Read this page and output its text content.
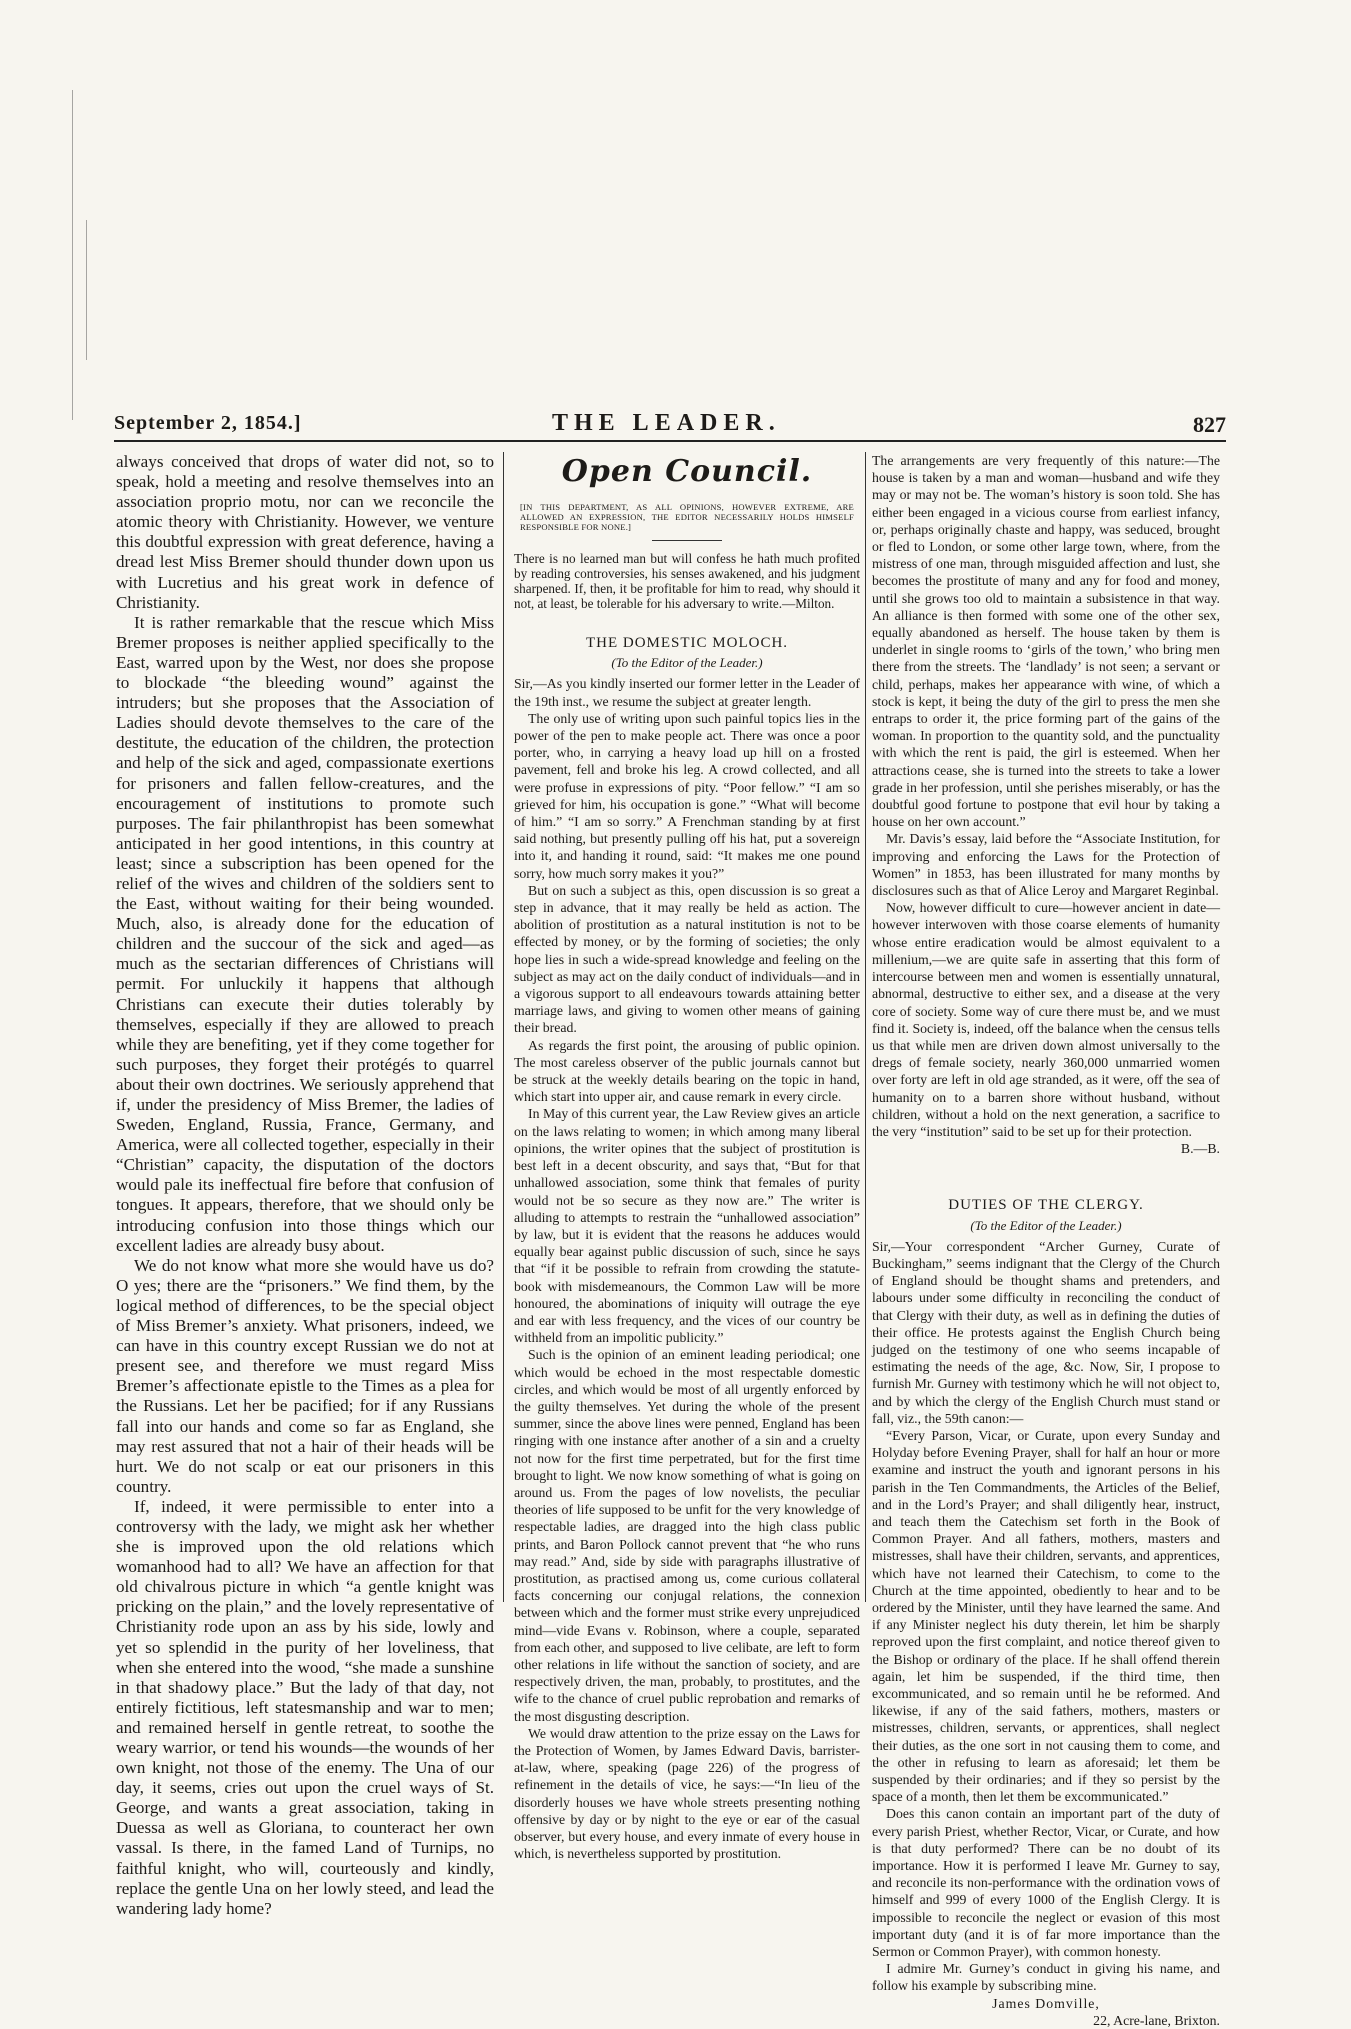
September 2, 1854.]	THE LEADER.	827

always conceived that drops of water did not, so to speak, hold a meeting and resolve themselves into an association proprio motu, nor can we reconcile the atomic theory with Christianity. However, we venture this doubtful expression with great deference, having a dread lest Miss Bremer should thunder down upon us with Lucretius and his great work in defence of Christianity.

It is rather remarkable that the rescue which Miss Bremer proposes is neither applied specifically to the East, warred upon by the West, nor does she propose to blockade “the bleeding wound” against the intruders; but she proposes that the Association of Ladies should devote themselves to the care of the destitute, the education of the children, the protection and help of the sick and aged, compassionate exertions for prisoners and fallen fellow-creatures, and the encouragement of institutions to promote such purposes. The fair philanthropist has been somewhat anticipated in her good intentions, in this country at least; since a subscription has been opened for the relief of the wives and children of the soldiers sent to the East, without waiting for their being wounded. Much, also, is already done for the education of children and the succour of the sick and aged—as much as the sectarian differences of Christians will permit. For unluckily it happens that although Christians can execute their duties tolerably by themselves, especially if they are allowed to preach while they are benefiting, yet if they come together for such purposes, they forget their protégés to quarrel about their own doctrines. We seriously apprehend that if, under the presidency of Miss Bremer, the ladies of Sweden, England, Russia, France, Germany, and America, were all collected together, especially in their “Christian” capacity, the disputation of the doctors would pale its ineffectual fire before that confusion of tongues. It appears, therefore, that we should only be introducing confusion into those things which our excellent ladies are already busy about.

We do not know what more she would have us do? O yes; there are the “prisoners.” We find them, by the logical method of differences, to be the special object of Miss Bremer’s anxiety. What prisoners, indeed, we can have in this country except Russian we do not at present see, and therefore we must regard Miss Bremer’s affectionate epistle to the Times as a plea for the Russians. Let her be pacified; for if any Russians fall into our hands and come so far as England, she may rest assured that not a hair of their heads will be hurt. We do not scalp or eat our prisoners in this country.

If, indeed, it were permissible to enter into a controversy with the lady, we might ask her whether she is improved upon the old relations which womanhood had to all? We have an affection for that old chivalrous picture in which “a gentle knight was pricking on the plain,” and the lovely representative of Christianity rode upon an ass by his side, lowly and yet so splendid in the purity of her loveliness, that when she entered into the wood, “she made a sunshine in that shadowy place.” But the lady of that day, not entirely fictitious, left statesmanship and war to men; and remained herself in gentle retreat, to soothe the weary warrior, or tend his wounds—the wounds of her own knight, not those of the enemy. The Una of our day, it seems, cries out upon the cruel ways of St. George, and wants a great association, taking in Duessa as well as Gloriana, to counteract her own vassal. Is there, in the famed Land of Turnips, no faithful knight, who will, courteously and kindly, replace the gentle Una on her lowly steed, and lead the wandering lady home?

Open Council.
[IN THIS DEPARTMENT, AS ALL OPINIONS, HOWEVER EXTREME, ARE ALLOWED AN EXPRESSION, THE EDITOR NECESSARILY HOLDS HIMSELF RESPONSIBLE FOR NONE.]
There is no learned man but will confess he hath much profited by reading controversies, his senses awakened, and his judgment sharpened. If, then, it be profitable for him to read, why should it not, at least, be tolerable for his adversary to write.—Milton.
THE DOMESTIC MOLOCH.
(To the Editor of the Leader.)

Sir,—As you kindly inserted our former letter in the Leader of the 19th inst., we resume the subject at greater length.

The only use of writing upon such painful topics lies in the power of the pen to make people act. There was once a poor porter, who, in carrying a heavy load up hill on a frosted pavement, fell and broke his leg. A crowd collected, and all were profuse in expressions of pity. “Poor fellow.” “I am so grieved for him, his occupation is gone.” “What will become of him.” “I am so sorry.” A Frenchman standing by at first said nothing, but presently pulling off his hat, put a sovereign into it, and handing it round, said: “It makes me one pound sorry, how much sorry makes it you?”

But on such a subject as this, open discussion is so great a step in advance, that it may really be held as action. The abolition of prostitution as a natural institution is not to be effected by money, or by the forming of societies; the only hope lies in such a wide-spread knowledge and feeling on the subject as may act on the daily conduct of individuals—and in a vigorous support to all endeavours towards attaining better marriage laws, and giving to women other means of gaining their bread.

As regards the first point, the arousing of public opinion. The most careless observer of the public journals cannot but be struck at the weekly details bearing on the topic in hand, which start into upper air, and cause remark in every circle.

In May of this current year, the Law Review gives an article on the laws relating to women; in which among many liberal opinions, the writer opines that the subject of prostitution is best left in a decent obscurity, and says that, “But for that unhallowed association, some think that females of purity would not be so secure as they now are.” The writer is alluding to attempts to restrain the “unhallowed association” by law, but it is evident that the reasons he adduces would equally bear against public discussion of such, since he says that “if it be possible to refrain from crowding the statute-book with misdemeanours, the Common Law will be more honoured, the abominations of iniquity will outrage the eye and ear with less frequency, and the vices of our country be withheld from an impolitic publicity.”

Such is the opinion of an eminent leading periodical; one which would be echoed in the most respectable domestic circles, and which would be most of all urgently enforced by the guilty themselves. Yet during the whole of the present summer, since the above lines were penned, England has been ringing with one instance after another of a sin and a cruelty not now for the first time perpetrated, but for the first time brought to light. We now know something of what is going on around us. From the pages of low novelists, the peculiar theories of life supposed to be unfit for the very knowledge of respectable ladies, are dragged into the high class public prints, and Baron Pollock cannot prevent that “he who runs may read.” And, side by side with paragraphs illustrative of prostitution, as practised among us, come curious collateral facts concerning our conjugal relations, the connexion between which and the former must strike every unprejudiced mind—vide Evans v. Robinson, where a couple, separated from each other, and supposed to live celibate, are left to form other relations in life without the sanction of society, and are respectively driven, the man, probably, to prostitutes, and the wife to the chance of cruel public reprobation and remarks of the most disgusting description.

We would draw attention to the prize essay on the Laws for the Protection of Women, by James Edward Davis, barrister-at-law, where, speaking (page 226) of the progress of refinement in the details of vice, he says:—“In lieu of the disorderly houses we have whole streets presenting nothing offensive by day or by night to the eye or ear of the casual observer, but every house, and every inmate of every house in which, is nevertheless supported by prostitution.

The arrangements are very frequently of this nature:—The house is taken by a man and woman—husband and wife they may or may not be. The woman’s history is soon told. She has either been engaged in a vicious course from earliest infancy, or, perhaps originally chaste and happy, was seduced, brought or fled to London, or some other large town, where, from the mistress of one man, through misguided affection and lust, she becomes the prostitute of many and any for food and money, until she grows too old to maintain a subsistence in that way. An alliance is then formed with some one of the other sex, equally abandoned as herself. The house taken by them is underlet in single rooms to ‘girls of the town,’ who bring men there from the streets. The ‘landlady’ is not seen; a servant or child, perhaps, makes her appearance with wine, of which a stock is kept, it being the duty of the girl to press the men she entraps to order it, the price forming part of the gains of the woman. In proportion to the quantity sold, and the punctuality with which the rent is paid, the girl is esteemed. When her attractions cease, she is turned into the streets to take a lower grade in her profession, until she perishes miserably, or has the doubtful good fortune to postpone that evil hour by taking a house on her own account.”

Mr. Davis’s essay, laid before the “Associate Institution, for improving and enforcing the Laws for the Protection of Women” in 1853, has been illustrated for many months by disclosures such as that of Alice Leroy and Margaret Reginbal.

Now, however difficult to cure—however ancient in date—however interwoven with those coarse elements of humanity whose entire eradication would be almost equivalent to a millenium,—we are quite safe in asserting that this form of intercourse between men and women is essentially unnatural, abnormal, destructive to either sex, and a disease at the very core of society. Some way of cure there must be, and we must find it. Society is, indeed, off the balance when the census tells us that while men are driven down almost universally to the dregs of female society, nearly 360,000 unmarried women over forty are left in old age stranded, as it were, off the sea of humanity on to a barren shore without husband, without children, without a hold on the next generation, a sacrifice to the very “institution” said to be set up for their protection.

B.—B.
DUTIES OF THE CLERGY.
(To the Editor of the Leader.)

Sir,—Your correspondent “Archer Gurney, Curate of Buckingham,” seems indignant that the Clergy of the Church of England should be thought shams and pretenders, and labours under some difficulty in reconciling the conduct of that Clergy with their duty, as well as in defining the duties of their office. He protests against the English Church being judged on the testimony of one who seems incapable of estimating the needs of the age, &c. Now, Sir, I propose to furnish Mr. Gurney with testimony which he will not object to, and by which the clergy of the English Church must stand or fall, viz., the 59th canon:—

“Every Parson, Vicar, or Curate, upon every Sunday and Holyday before Evening Prayer, shall for half an hour or more examine and instruct the youth and ignorant persons in his parish in the Ten Commandments, the Articles of the Belief, and in the Lord’s Prayer; and shall diligently hear, instruct, and teach them the Catechism set forth in the Book of Common Prayer. And all fathers, mothers, masters and mistresses, shall have their children, servants, and apprentices, which have not learned their Catechism, to come to the Church at the time appointed, obediently to hear and to be ordered by the Minister, until they have learned the same. And if any Minister neglect his duty therein, let him be sharply reproved upon the first complaint, and notice thereof given to the Bishop or ordinary of the place. If he shall offend therein again, let him be suspended, if the third time, then excommunicated, and so remain until he be reformed. And likewise, if any of the said fathers, mothers, masters or mistresses, children, servants, or apprentices, shall neglect their duties, as the one sort in not causing them to come, and the other in refusing to learn as aforesaid; let them be suspended by their ordinaries; and if they so persist by the space of a month, then let them be excommunicated.”

Does this canon contain an important part of the duty of every parish Priest, whether Rector, Vicar, or Curate, and how is that duty performed? There can be no doubt of its importance. How it is performed I leave Mr. Gurney to say, and reconcile its non-performance with the ordination vows of himself and 999 of every 1000 of the English Clergy. It is impossible to reconcile the neglect or evasion of this most important duty (and it is of far more importance than the Sermon or Common Prayer), with common honesty.

I admire Mr. Gurney’s conduct in giving his name, and follow his example by subscribing mine.

James Domville,
22, Acre-lane, Brixton.
